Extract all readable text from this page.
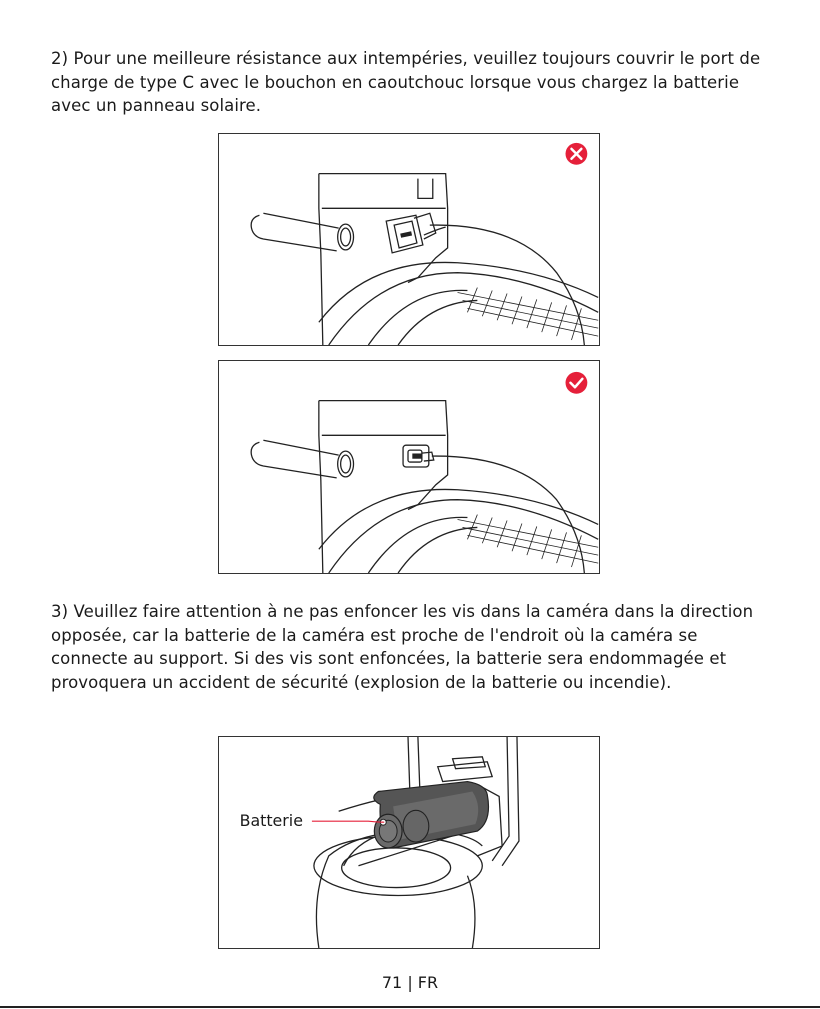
2) Pour une meilleure résistance aux intempéries, veuillez toujours couvrir le port de charge de type C avec le bouchon en caoutchouc lorsque vous chargez la batterie avec un panneau solaire.

3) Veuillez faire attention à ne pas enfoncer les vis dans la caméra dans la direction opposée, car la batterie de la caméra est proche de l'endroit où la caméra se connecte au support. Si des vis sont enfoncées, la batterie sera endommagée et provoquera un accident de sécurité (explosion de la batterie ou incendie).

Batterie
71 | FR
